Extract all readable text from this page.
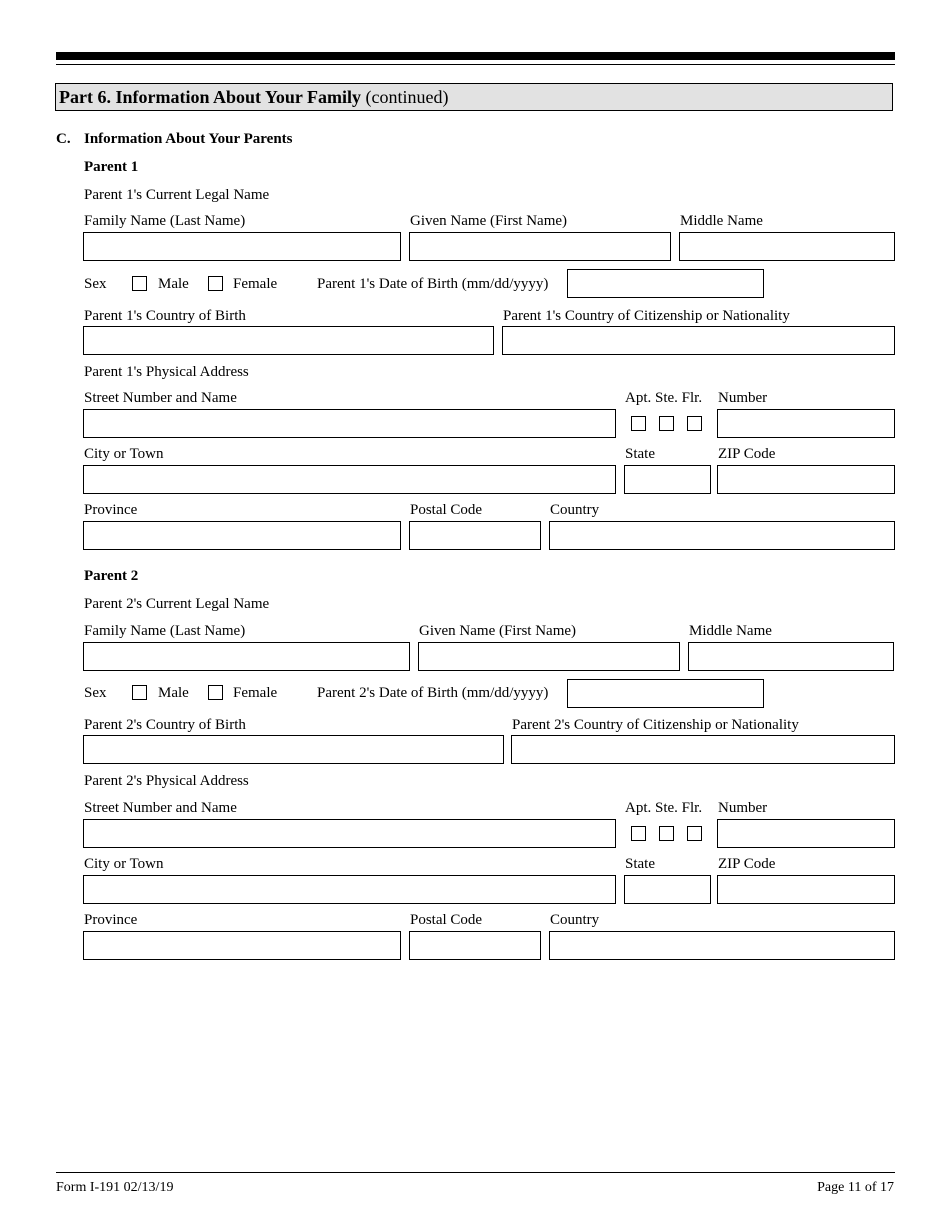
Part 6. Information About Your Family (continued)
C. Information About Your Parents
Parent 1
Parent 1's Current Legal Name
Family Name (Last Name)	Given Name (First Name)	Middle Name
Sex	Male	Female	Parent 1's Date of Birth (mm/dd/yyyy)
Parent 1's Country of Birth	Parent 1's Country of Citizenship or Nationality
Parent 1's Physical Address
Street Number and Name	Apt. Ste. Flr. Number
City or Town	State	ZIP Code
Province	Postal Code	Country
Parent 2
Parent 2's Current Legal Name
Family Name (Last Name)	Given Name (First Name)	Middle Name
Sex	Male	Female	Parent 2's Date of Birth (mm/dd/yyyy)
Parent 2's Country of Birth	Parent 2's Country of Citizenship or Nationality
Parent 2's Physical Address
Street Number and Name	Apt. Ste. Flr. Number
City or Town	State	ZIP Code
Province	Postal Code	Country
Form I-191 02/13/19	Page 11 of 17
